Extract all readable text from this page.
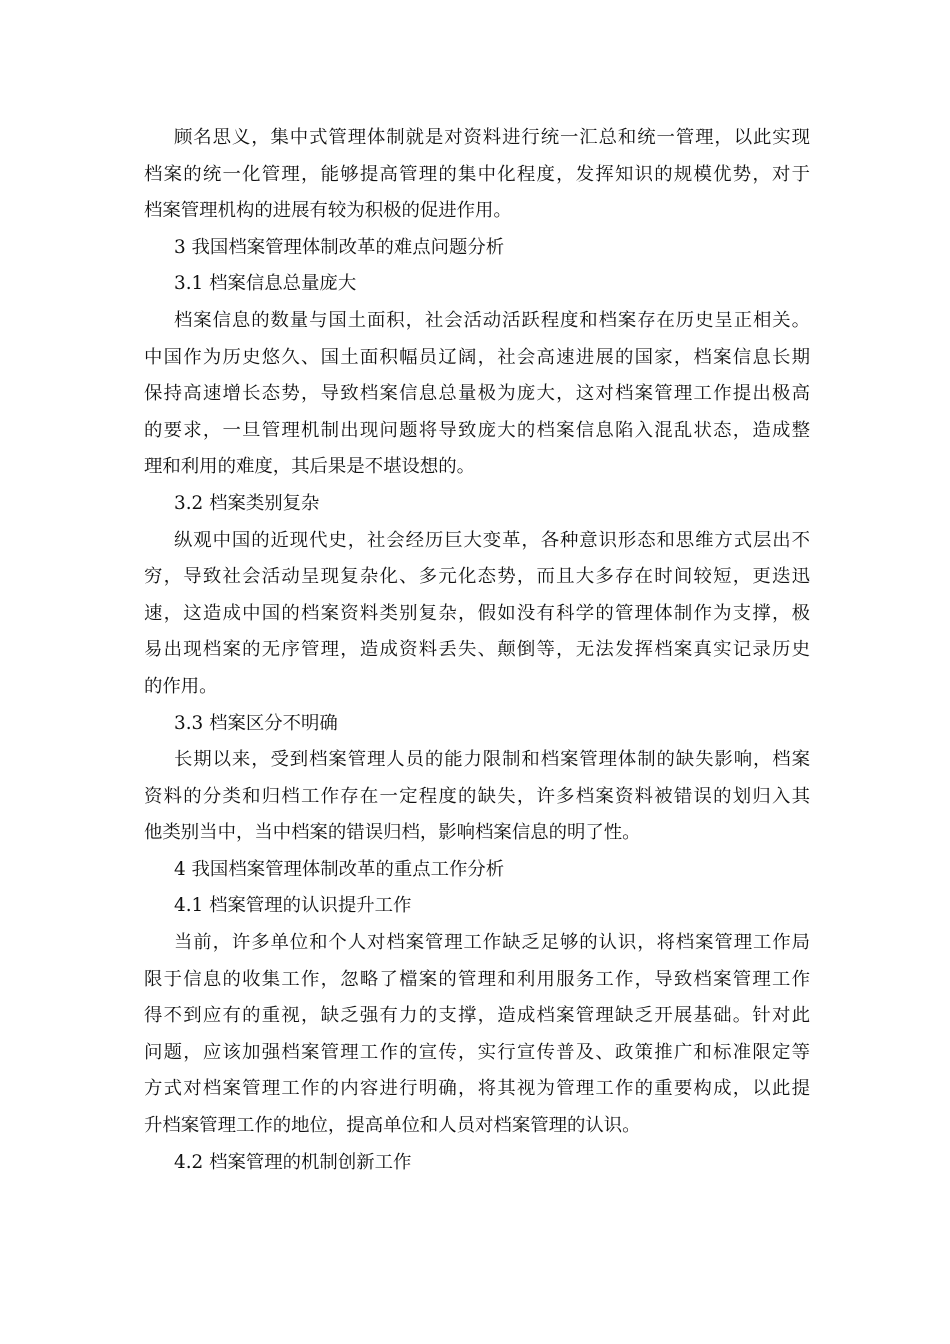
顾名思义，集中式管理体制就是对资料进行统一汇总和统一管理，以此实现
档案的统一化管理，能够提高管理的集中化程度，发挥知识的规模优势，对于
档案管理机构的进展有较为积极的促进作用。
3 我国档案管理体制改革的难点问题分析
3.1 档案信息总量庞大
档案信息的数量与国土面积，社会活动活跃程度和档案存在历史呈正相关。
中国作为历史悠久、国土面积幅员辽阔，社会高速进展的国家，档案信息长期
保持高速增长态势，导致档案信息总量极为庞大，这对档案管理工作提出极高
的要求，一旦管理机制出现问题将导致庞大的档案信息陷入混乱状态，造成整
理和利用的难度，其后果是不堪设想的。
3.2 档案类别复杂
纵观中国的近现代史，社会经历巨大变革，各种意识形态和思维方式层出不
穷，导致社会活动呈现复杂化、多元化态势，而且大多存在时间较短，更迭迅
速，这造成中国的档案资料类别复杂，假如没有科学的管理体制作为支撑，极
易出现档案的无序管理，造成资料丢失、颠倒等，无法发挥档案真实记录历史
的作用。
3.3 档案区分不明确
长期以来，受到档案管理人员的能力限制和档案管理体制的缺失影响，档案
资料的分类和归档工作存在一定程度的缺失，许多档案资料被错误的划归入其
他类别当中，当中档案的错误归档，影响档案信息的明了性。
4 我国档案管理体制改革的重点工作分析
4.1 档案管理的认识提升工作
当前，许多单位和个人对档案管理工作缺乏足够的认识，将档案管理工作局
限于信息的收集工作，忽略了檔案的管理和利用服务工作，导致档案管理工作
得不到应有的重视，缺乏强有力的支撑，造成档案管理缺乏开展基础。针对此
问题，应该加强档案管理工作的宣传，实行宣传普及、政策推广和标准限定等
方式对档案管理工作的内容进行明确，将其视为管理工作的重要构成，以此提
升档案管理工作的地位，提高单位和人员对档案管理的认识。
4.2 档案管理的机制创新工作
